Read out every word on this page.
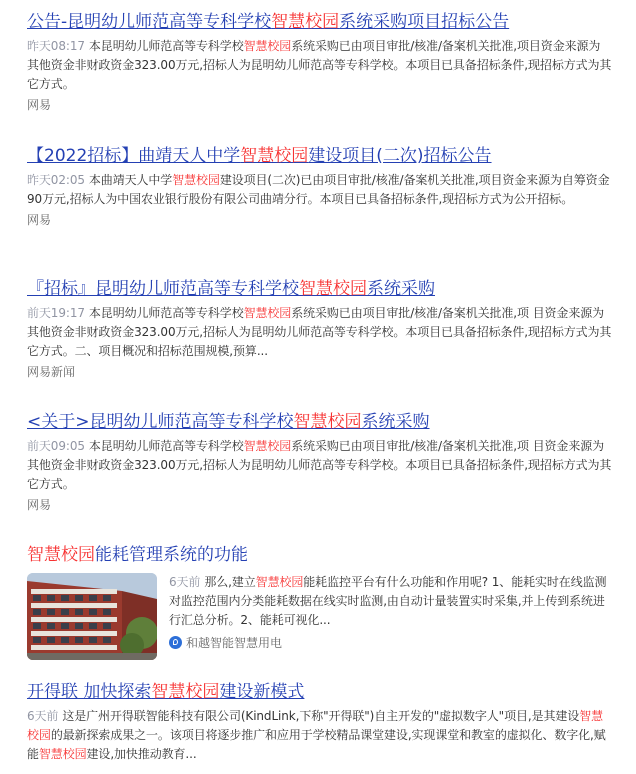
公告-昆明幼儿师范高等专科学校智慧校园系统采购项目招标公告
昨天08:17 本昆明幼儿师范高等专科学校智慧校园系统采购已由项目审批/核准/备案机关批准,项目资金来源为其他资金非财政资金323.00万元,招标人为昆明幼儿师范高等专科学校。本项目已具备招标条件,现招标方式为其它方式。
网易
【2022招标】曲靖天人中学智慧校园建设项目(二次)招标公告
昨天02:05 本曲靖天人中学智慧校园建设项目(二次)已由项目审批/核准/备案机关批准,项目资金来源为自筹资金90万元,招标人为中国农业银行股份有限公司曲靖分行。本项目已具备招标条件,现招标方式为公开招标。
网易
『招标』昆明幼儿师范高等专科学校智慧校园系统采购
前天19:17 本昆明幼儿师范高等专科学校智慧校园系统采购已由项目审批/核准/备案机关批准,项 目资金来源为其他资金非财政资金323.00万元,招标人为昆明幼儿师范高等专科学校。本项目已具备招标条件,现招标方式为其它方式。二、项目概况和招标范围规模,预算...
网易新闻
<关于>昆明幼儿师范高等专科学校智慧校园系统采购
前天09:05 本昆明幼儿师范高等专科学校智慧校园系统采购已由项目审批/核准/备案机关批准,项 目资金来源为其他资金非财政资金323.00万元,招标人为昆明幼儿师范高等专科学校。本项目已具备招标条件,现招标方式为其它方式。
网易
智慧校园能耗管理系统的功能
6天前 那么,建立智慧校园能耗监控平台有什么功能和作用呢? 1、能耗实时在线监测 对监控范围内分类能耗数据在线实时监测,由自动计量装置实时采集,并上传到系统进行汇总分析。2、能耗可视化...
和越智能智慧用电
开得联 加快探索智慧校园建设新模式
6天前 这是广州开得联智能科技有限公司(KindLink,下称"开得联")自主开发的"虚拟数字人"项目,是其建设智慧校园的最新探索成果之一。该项目将逐步推广和应用于学校精品课堂建设,实现课堂和教室的虚拟化、数字化,赋能智慧校园建设,加快推动教育...
